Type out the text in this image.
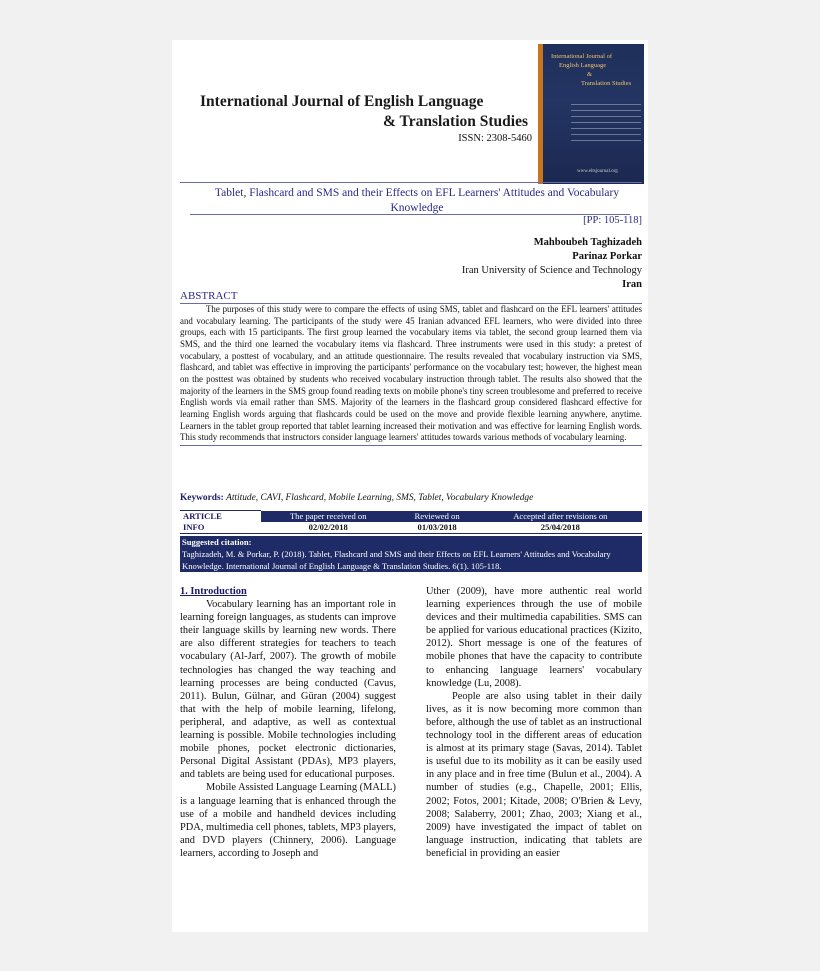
International Journal of English Language
& Translation Studies
ISSN: 2308-5460
International Journal of
English Language
&
Translation Studies
www.eltsjournal.org
Tablet, Flashcard and SMS and their Effects on EFL Learners' Attitudes and Vocabulary Knowledge
[PP: 105-118]
Mahboubeh Taghizadeh
Parinaz Porkar
Iran University of Science and Technology
Iran
ABSTRACT
The purposes of this study were to compare the effects of using SMS, tablet and flashcard on the EFL learners' attitudes and vocabulary learning. The participants of the study were 45 Iranian advanced EFL learners, who were divided into three groups, each with 15 participants. The first group learned the vocabulary items via tablet, the second group learned them via SMS, and the third one learned the vocabulary items via flashcard. Three instruments were used in this study: a pretest of vocabulary, a posttest of vocabulary, and an attitude questionnaire. The results revealed that vocabulary instruction via SMS, flashcard, and tablet was effective in improving the participants' performance on the vocabulary test; however, the highest mean on the posttest was obtained by students who received vocabulary instruction through tablet. The results also showed that the majority of the learners in the SMS group found reading texts on mobile phone's tiny screen troublesome and preferred to receive English words via email rather than SMS. Majority of the learners in the flashcard group considered flashcard effective for learning English words arguing that flashcards could be used on the move and provide flexible learning anywhere, anytime. Learners in the tablet group reported that tablet learning increased their motivation and was effective for learning English words. This study recommends that instructors consider language learners' attitudes towards various methods of vocabulary learning.
Keywords: Attitude, CAVI, Flashcard, Mobile Learning, SMS, Tablet, Vocabulary Knowledge
ARTICLE	The paper received on	Reviewed on	Accepted after revisions on
INFO	02/02/2018	01/03/2018	25/04/2018
Suggested citation:
Taghizadeh, M. & Porkar, P. (2018). Tablet, Flashcard and SMS and their Effects on EFL Learners' Attitudes and Vocabulary Knowledge. International Journal of English Language & Translation Studies. 6(1). 105-118.
1. Introduction

Vocabulary learning has an important role in learning foreign languages, as students can improve their language skills by learning new words. There are also different strategies for teachers to teach vocabulary (Al-Jarf, 2007). The growth of mobile technologies has changed the way teaching and learning processes are being conducted (Cavus, 2011). Bulun, Gülnar, and Güran (2004) suggest that with the help of mobile learning, lifelong, peripheral, and adaptive, as well as contextual learning is possible. Mobile technologies including mobile phones, pocket electronic dictionaries, Personal Digital Assistant (PDAs), MP3 players, and tablets are being used for educational purposes.

Mobile Assisted Language Learning (MALL) is a language learning that is enhanced through the use of a mobile and handheld devices including PDA, multimedia cell phones, tablets, MP3 players, and DVD players (Chinnery, 2006). Language learners, according to Joseph and

Uther (2009), have more authentic real world learning experiences through the use of mobile devices and their multimedia capabilities. SMS can be applied for various educational practices (Kizito, 2012). Short message is one of the features of mobile phones that have the capacity to contribute to enhancing language learners' vocabulary knowledge (Lu, 2008).

People are also using tablet in their daily lives, as it is now becoming more common than before, although the use of tablet as an instructional technology tool in the different areas of education is almost at its primary stage (Savas, 2014). Tablet is useful due to its mobility as it can be easily used in any place and in free time (Bulun et al., 2004). A number of studies (e.g., Chapelle, 2001; Ellis, 2002; Fotos, 2001; Kitade, 2008; O'Brien & Levy, 2008; Salaberry, 2001; Zhao, 2003; Xiang et al., 2009) have investigated the impact of tablet on language instruction, indicating that tablets are beneficial in providing an easier
